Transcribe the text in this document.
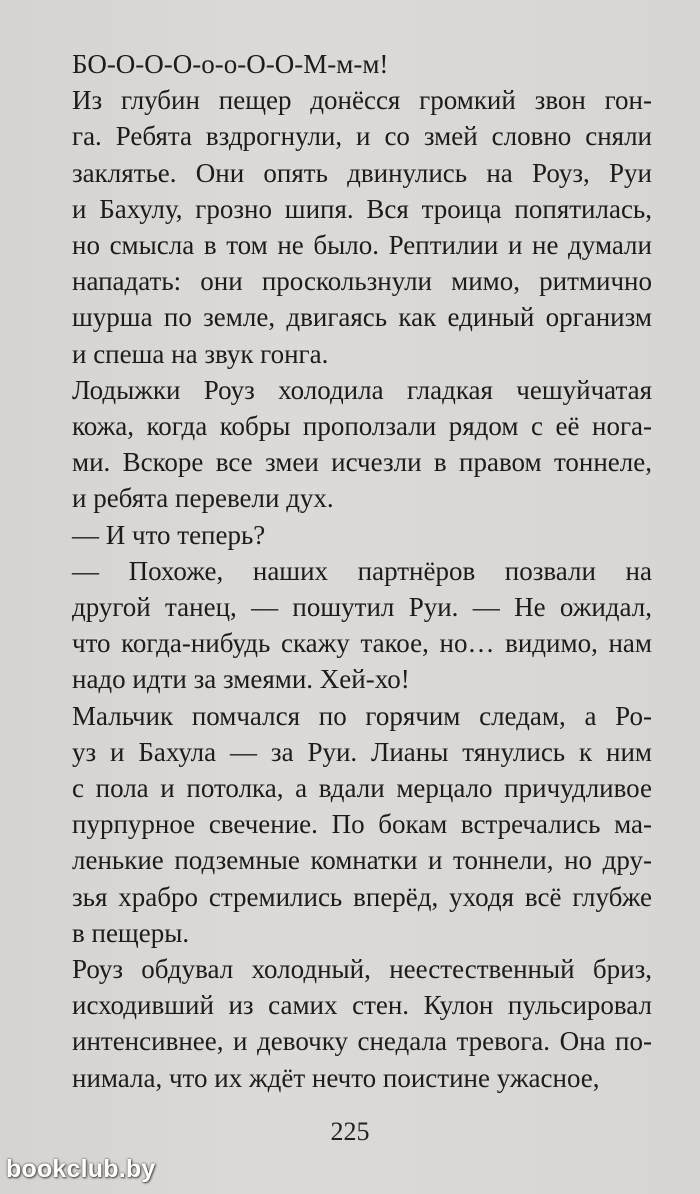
БО-О-О-О-о-о-О-О-М-м-м!
Из глубин пещер донёсся громкий звон гон-
га. Ребята вздрогнули, и со змей словно сняли
заклятье. Они опять двинулись на Роуз, Руи
и Бахулу, грозно шипя. Вся троица попятилась,
но смысла в том не было. Рептилии и не думали
нападать: они проскользнули мимо, ритмично
шурша по земле, двигаясь как единый организм
и спеша на звук гонга.
Лодыжки Роуз холодила гладкая чешуйчатая
кожа, когда кобры проползали рядом с её нога-
ми. Вскоре все змеи исчезли в правом тоннеле,
и ребята перевели дух.
— И что теперь?
— Похоже, наших партнёров позвали на
другой танец, — пошутил Руи. — Не ожидал,
что когда-нибудь скажу такое, но… видимо, нам
надо идти за змеями. Хей-хо!
Мальчик помчался по горячим следам, а Ро-
уз и Бахула — за Руи. Лианы тянулись к ним
с пола и потолка, а вдали мерцало причудливое
пурпурное свечение. По бокам встречались ма-
ленькие подземные комнатки и тоннели, но дру-
зья храбро стремились вперёд, уходя всё глубже
в пещеры.
Роуз обдувал холодный, неестественный бриз,
исходивший из самих стен. Кулон пульсировал
интенсивнее, и девочку снедала тревога. Она по-
нимала, что их ждёт нечто поистине ужасное,
225
bookclub.by
